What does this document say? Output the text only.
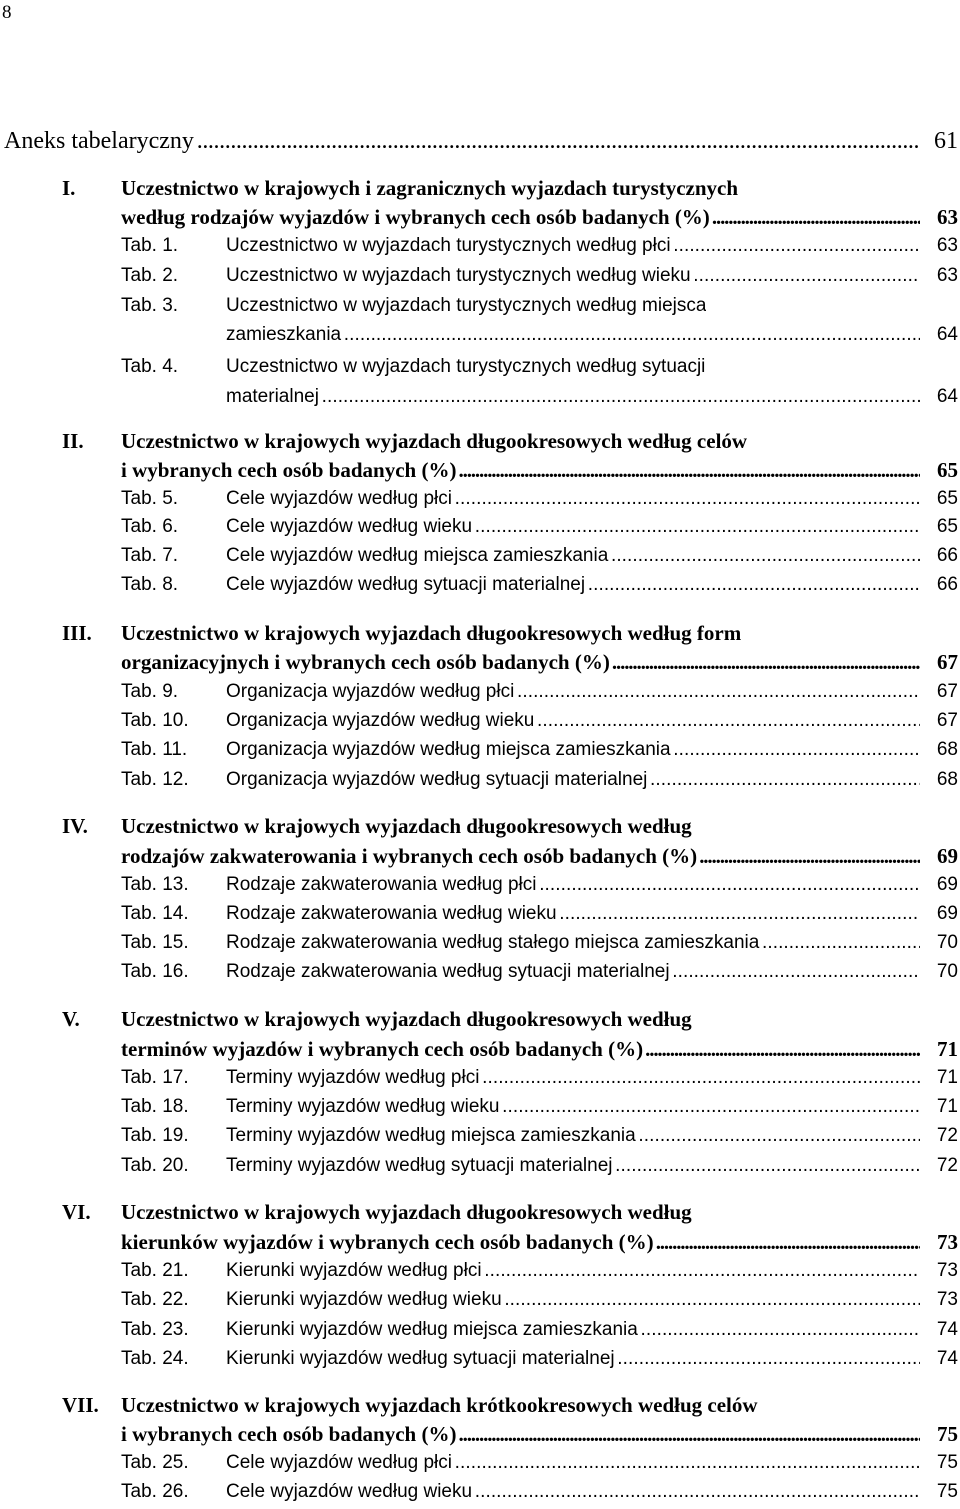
8
Aneks tabelaryczny . . .	61
I. Uczestnictwo w krajowych i zagranicznych wyjazdach turystycznych
według rodzajów wyjazdów i wybranych cech osób badanych (%) . . .	63
Tab. 1.	Uczestnictwo w wyjazdach turystycznych według płci . . .	63
Tab. 2.	Uczestnictwo w wyjazdach turystycznych według wieku . . .	63
Tab. 3.	Uczestnictwo w wyjazdach turystycznych według miejsca
zamieszkania . . .	64
Tab. 4.	Uczestnictwo w wyjazdach turystycznych według sytuacji
materialnej . . .	64
II. Uczestnictwo w krajowych wyjazdach długookresowych według celów
i wybranych cech osób badanych (%) . . .	65
Tab. 5.	Cele wyjazdów według płci . . .	65
Tab. 6.	Cele wyjazdów według wieku . . .	65
Tab. 7.	Cele wyjazdów według miejsca zamieszkania . . .	66
Tab. 8.	Cele wyjazdów według sytuacji materialnej . . .	66
III. Uczestnictwo w krajowych wyjazdach długookresowych według form
organizacyjnych i wybranych cech osób badanych (%) . . .	67
Tab. 9.	Organizacja wyjazdów według płci . . .	67
Tab. 10. Organizacja wyjazdów według wieku . . .	67
Tab. 11. Organizacja wyjazdów według miejsca zamieszkania . . .	68
Tab. 12. Organizacja wyjazdów według sytuacji materialnej . . .	68
IV. Uczestnictwo w krajowych wyjazdach długookresowych według
rodzajów zakwaterowania i wybranych cech osób badanych (%) . . .	69
Tab. 13. Rodzaje zakwaterowania według płci . . .	69
Tab. 14. Rodzaje zakwaterowania według wieku . . .	69
Tab. 15. Rodzaje zakwaterowania według stałego miejsca zamieszkania . . .	70
Tab. 16. Rodzaje zakwaterowania według sytuacji materialnej . . .	70
V. Uczestnictwo w krajowych wyjazdach długookresowych według
terminów wyjazdów i wybranych cech osób badanych (%) . . .	71
Tab. 17. Terminy wyjazdów według płci . . .	71
Tab. 18. Terminy wyjazdów według wieku . . .	71
Tab. 19. Terminy wyjazdów według miejsca zamieszkania . . .	72
Tab. 20. Terminy wyjazdów według sytuacji materialnej . . .	72
VI. Uczestnictwo w krajowych wyjazdach długookresowych według
kierunków wyjazdów i wybranych cech osób badanych (%) . . .	73
Tab. 21. Kierunki wyjazdów według płci . . .	73
Tab. 22. Kierunki wyjazdów według wieku . . .	73
Tab. 23. Kierunki wyjazdów według miejsca zamieszkania . . .	74
Tab. 24. Kierunki wyjazdów według sytuacji materialnej . . .	74
VII. Uczestnictwo w krajowych wyjazdach krótkookresowych według celów
i wybranych cech osób badanych (%) . . .	75
Tab. 25. Cele wyjazdów według płci . . .	75
Tab. 26. Cele wyjazdów według wieku . . .	75
